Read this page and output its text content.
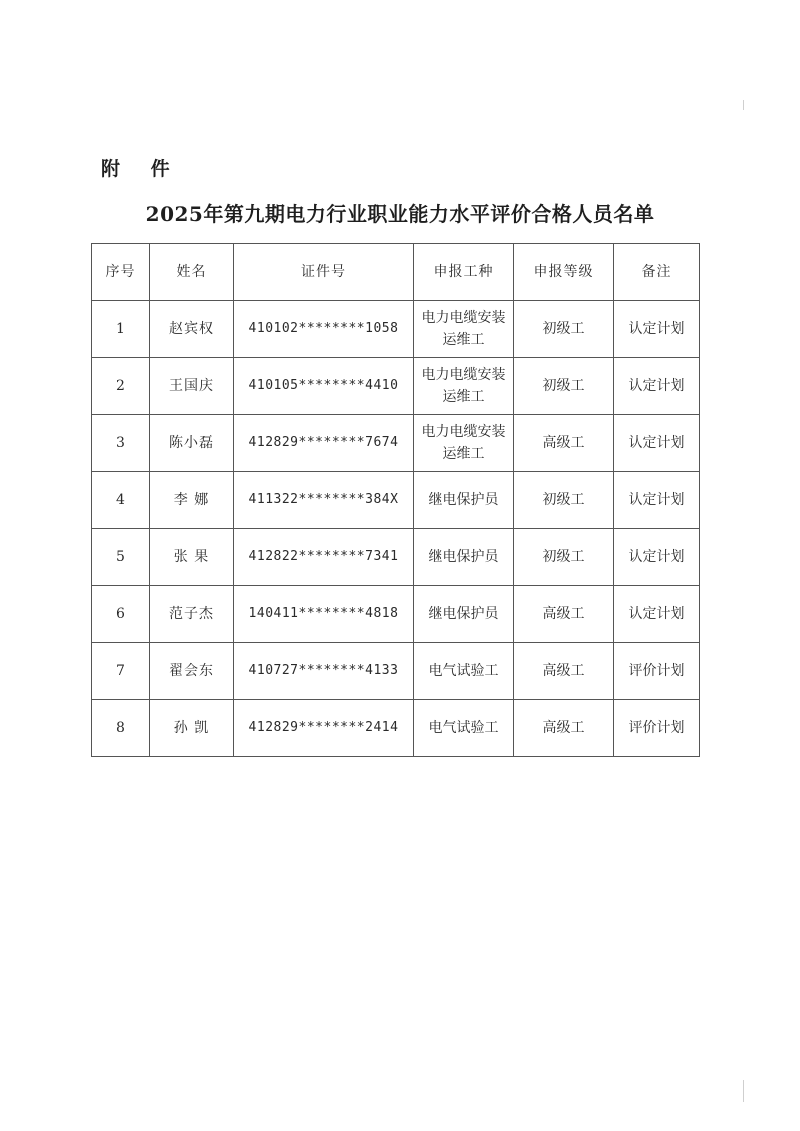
附 件
2025年第九期电力行业职业能力水平评价合格人员名单
序号	姓名	证件号	申报工种	申报等级	备注
1	赵宾权	410102********1058	电力电缆安装运维工	初级工	认定计划
2	王国庆	410105********4410	电力电缆安装运维工	初级工	认定计划
3	陈小磊	412829********7674	电力电缆安装运维工	高级工	认定计划
4	李 娜	411322********384X	继电保护员	初级工	认定计划
5	张 果	412822********7341	继电保护员	初级工	认定计划
6	范子杰	140411********4818	继电保护员	高级工	认定计划
7	翟会东	410727********4133	电气试验工	高级工	评价计划
8	孙 凯	412829********2414	电气试验工	高级工	评价计划
